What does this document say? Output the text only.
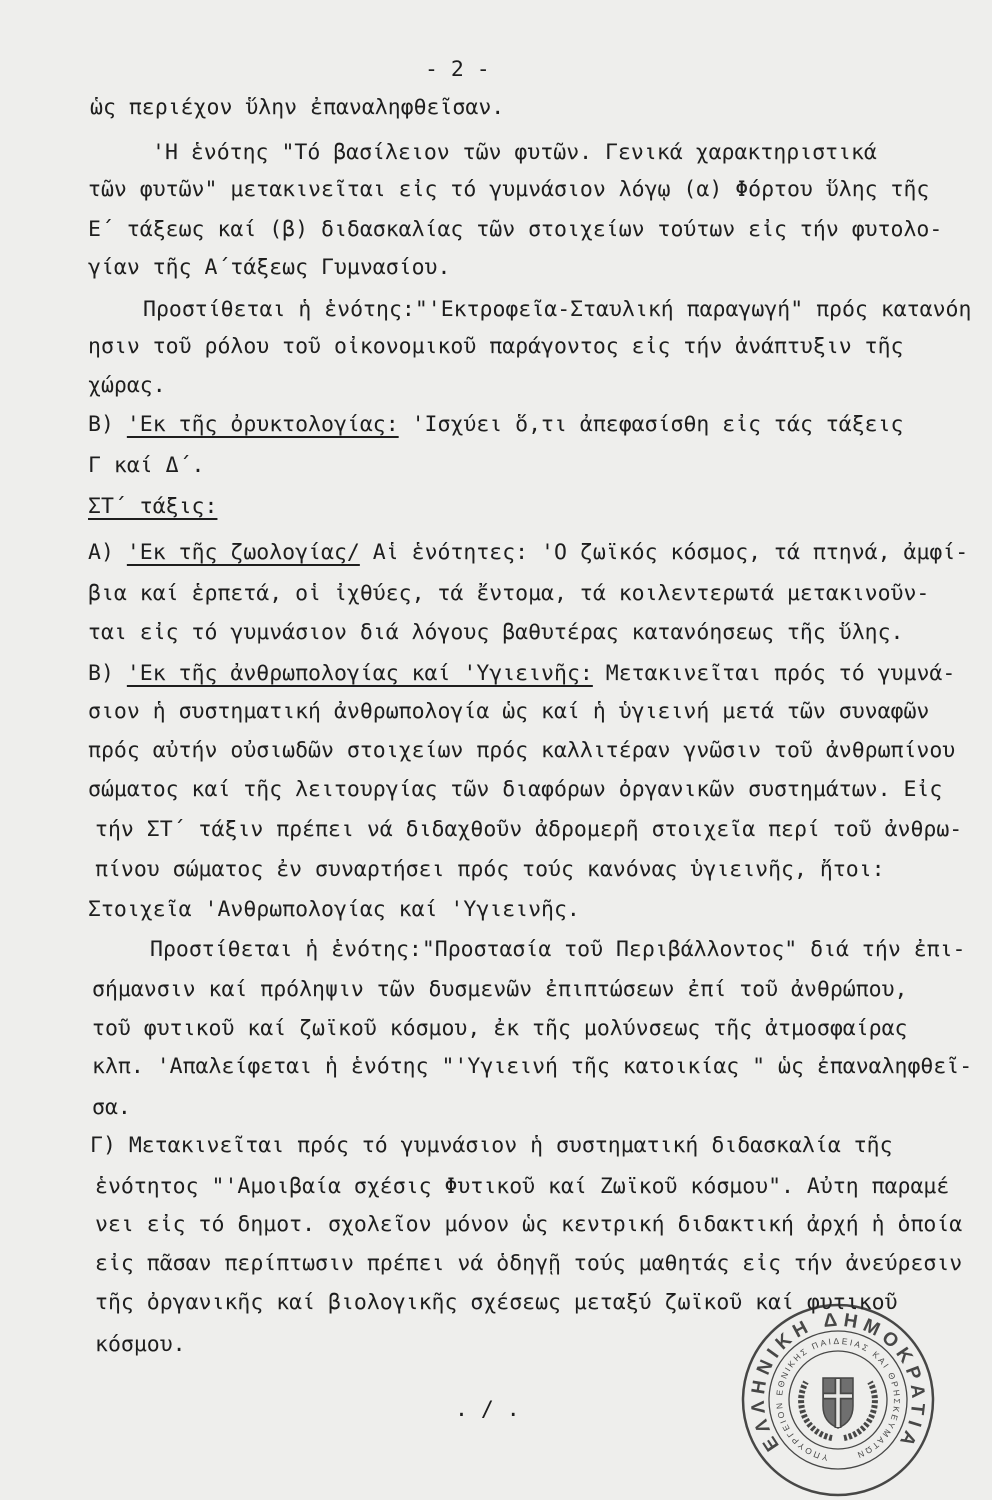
- 2 -
ὡς περιέχον ὕλην ἐπαναληφθεῖσαν.
'Η ἑνότης "Τό βασίλειον τῶν φυτῶν. Γενικά χαρακτηριστικά
τῶν φυτῶν" μετακινεῖται εἰς τό γυμνάσιον λόγῳ (α) Φόρτου ὕλης τῆς
Ε΄ τάξεως καί (β) διδασκαλίας τῶν στοιχείων τούτων εἰς τήν φυτολο-
γίαν τῆς Α΄τάξεως Γυμνασίου.
Προστίθεται ἡ ἑνότης:"'Εκτροφεῖα-Σταυλική παραγωγή" πρός κατανόη
ησιν τοῦ ρόλου τοῦ οἰκονομικοῦ παράγοντος εἰς τήν ἀνάπτυξιν τῆς
χώρας.
Β) 'Εκ τῆς ὀρυκτολογίας: 'Ισχύει ὅ,τι ἀπεφασίσθη εἰς τάς τάξεις
Γ καί Δ΄.
ΣΤ΄ τάξις:
Α) 'Εκ τῆς ζωολογίας/ Αἱ ἑνότητες: 'Ο ζωϊκός κόσμος, τά πτηνά, ἀμφί-
βια καί ἑρπετά, οἱ ἰχθύες, τά ἔντομα, τά κοιλεντερωτά μετακινοῦν-
ται εἰς τό γυμνάσιον διά λόγους βαθυτέρας κατανόησεως τῆς ὕλης.
Β) 'Εκ τῆς ἀνθρωπολογίας καί 'Υγιεινῆς: Μετακινεῖται πρός τό γυμνά-
σιον ἡ συστηματική ἀνθρωπολογία ὡς καί ἡ ὑγιεινή μετά τῶν συναφῶν
πρός αὐτήν οὐσιωδῶν στοιχείων πρός καλλιτέραν γνῶσιν τοῦ ἀνθρωπίνου
σώματος καί τῆς λειτουργίας τῶν διαφόρων ὀργανικῶν συστημάτων. Εἰς
τήν ΣΤ΄ τάξιν πρέπει νά διδαχθοῦν ἀδρομερῆ στοιχεῖα περί τοῦ ἀνθρω-
πίνου σώματος ἐν συναρτήσει πρός τούς κανόνας ὑγιεινῆς, ἤτοι:
Στοιχεῖα 'Ανθρωπολογίας καί 'Υγιεινῆς.
Προστίθεται ἡ ἑνότης:"Προστασία τοῦ Περιβάλλοντος" διά τήν ἐπι-
σήμανσιν καί πρόληψιν τῶν δυσμενῶν ἐπιπτώσεων ἐπί τοῦ ἀνθρώπου,
τοῦ φυτικοῦ καί ζωϊκοῦ κόσμου, ἐκ τῆς μολύνσεως τῆς ἀτμοσφαίρας
κλπ. 'Απαλείφεται ἡ ἑνότης "'Υγιεινή τῆς κατοικίας " ὡς ἐπαναληφθεῖ-
σα.
Γ) Μετακινεῖται πρός τό γυμνάσιον ἡ συστηματική διδασκαλία τῆς
ἑνότητος "'Αμοιβαία σχέσις Φυτικοῦ καί Ζωϊκοῦ κόσμου". Αὐτη παραμέ
νει εἰς τό δημοτ. σχολεῖον μόνον ὡς κεντρική διδακτική ἀρχή ἡ ὁποία
εἰς πᾶσαν περίπτωσιν πρέπει νά ὁδηγῇ τούς μαθητάς εἰς τήν ἀνεύρεσιν
τῆς ὀργανικῆς καί βιολογικῆς σχέσεως μεταξύ ζωϊκοῦ καί φυτικοῦ
κόσμου.
. / .
ΕΛΛΗΝΙΚΗ ΔΗΜΟΚΡΑΤΙΑ
ΥΠΟΥΡΓΕΙΟΝ ΕΘΝΙΚΗΣ ΠΑΙΔΕΙΑΣ ΚΑΙ ΘΡΗΣΚΕΥΜΑΤΩΝ
